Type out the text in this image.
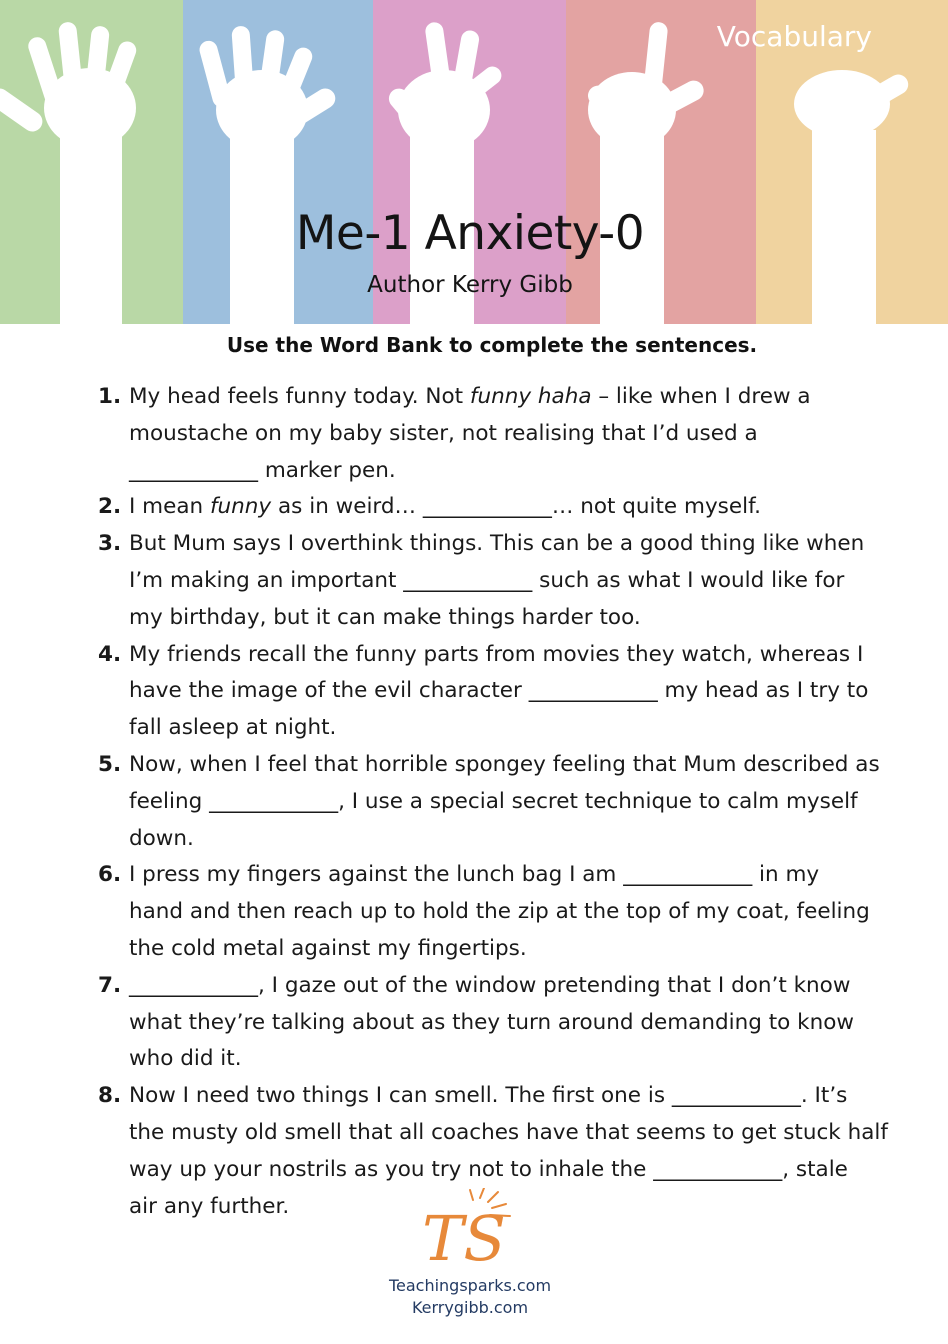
Vocabulary
Me-1 Anxiety-0
Author Kerry Gibb
Use the Word Bank to complete the sentences.
1. My head feels funny today. Not funny haha – like when I drew a
moustache on my baby sister, not realising that I’d used a
____________ marker pen.
2. I mean funny as in weird… ____________… not quite myself.
3. But Mum says I overthink things. This can be a good thing like when
I’m making an important ____________ such as what I would like for
my birthday, but it can make things harder too.
4. My friends recall the funny parts from movies they watch, whereas I
have the image of the evil character ____________ my head as I try to
fall asleep at night.
5. Now, when I feel that horrible spongey feeling that Mum described as
feeling ____________, I use a special secret technique to calm myself
down.
6. I press my fingers against the lunch bag I am ____________ in my
hand and then reach up to hold the zip at the top of my coat, feeling
the cold metal against my fingertips.
7. ____________, I gaze out of the window pretending that I don’t know
what they’re talking about as they turn around demanding to know
who did it.
8. Now I need two things I can smell. The first one is ____________. It’s
the musty old smell that all coaches have that seems to get stuck half
way up your nostrils as you try not to inhale the ____________, stale
air any further.	TS
Teachingsparks.com
Kerrygibb.com
